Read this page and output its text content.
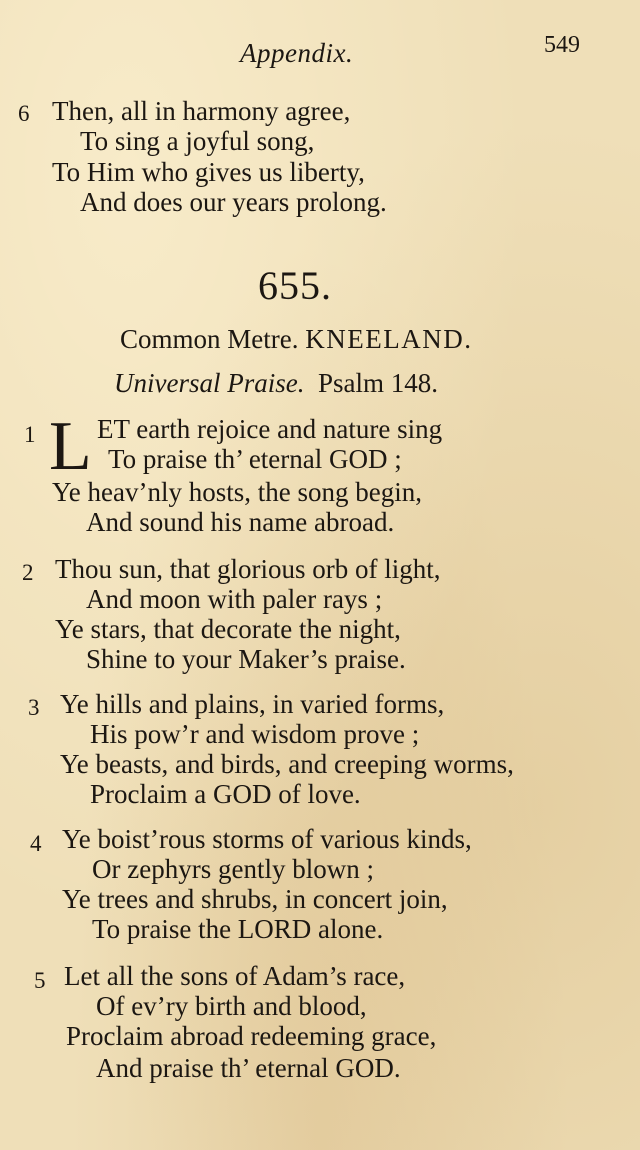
Appendix.	549
6 Then, all in harmony agree,
To sing a joyful song,
To Him who gives us liberty,
And does our years prolong.
655.
Common Metre. KNEELAND.
Universal Praise. Psalm 148.
1 L ET earth rejoice and nature sing
To praise th’ eternal GOD ;
Ye heav’nly hosts, the song begin,
And sound his name abroad.
2 Thou sun, that glorious orb of light,
And moon with paler rays ;
Ye stars, that decorate the night,
Shine to your Maker’s praise.
3 Ye hills and plains, in varied forms,
His pow’r and wisdom prove ;
Ye beasts, and birds, and creeping worms,
Proclaim a GOD of love.
4 Ye boist’rous storms of various kinds,
Or zephyrs gently blown ;
Ye trees and shrubs, in concert join,
To praise the LORD alone.
5 Let all the sons of Adam’s race,
Of ev’ry birth and blood,
Proclaim abroad redeeming grace,
And praise th’ eternal GOD.
